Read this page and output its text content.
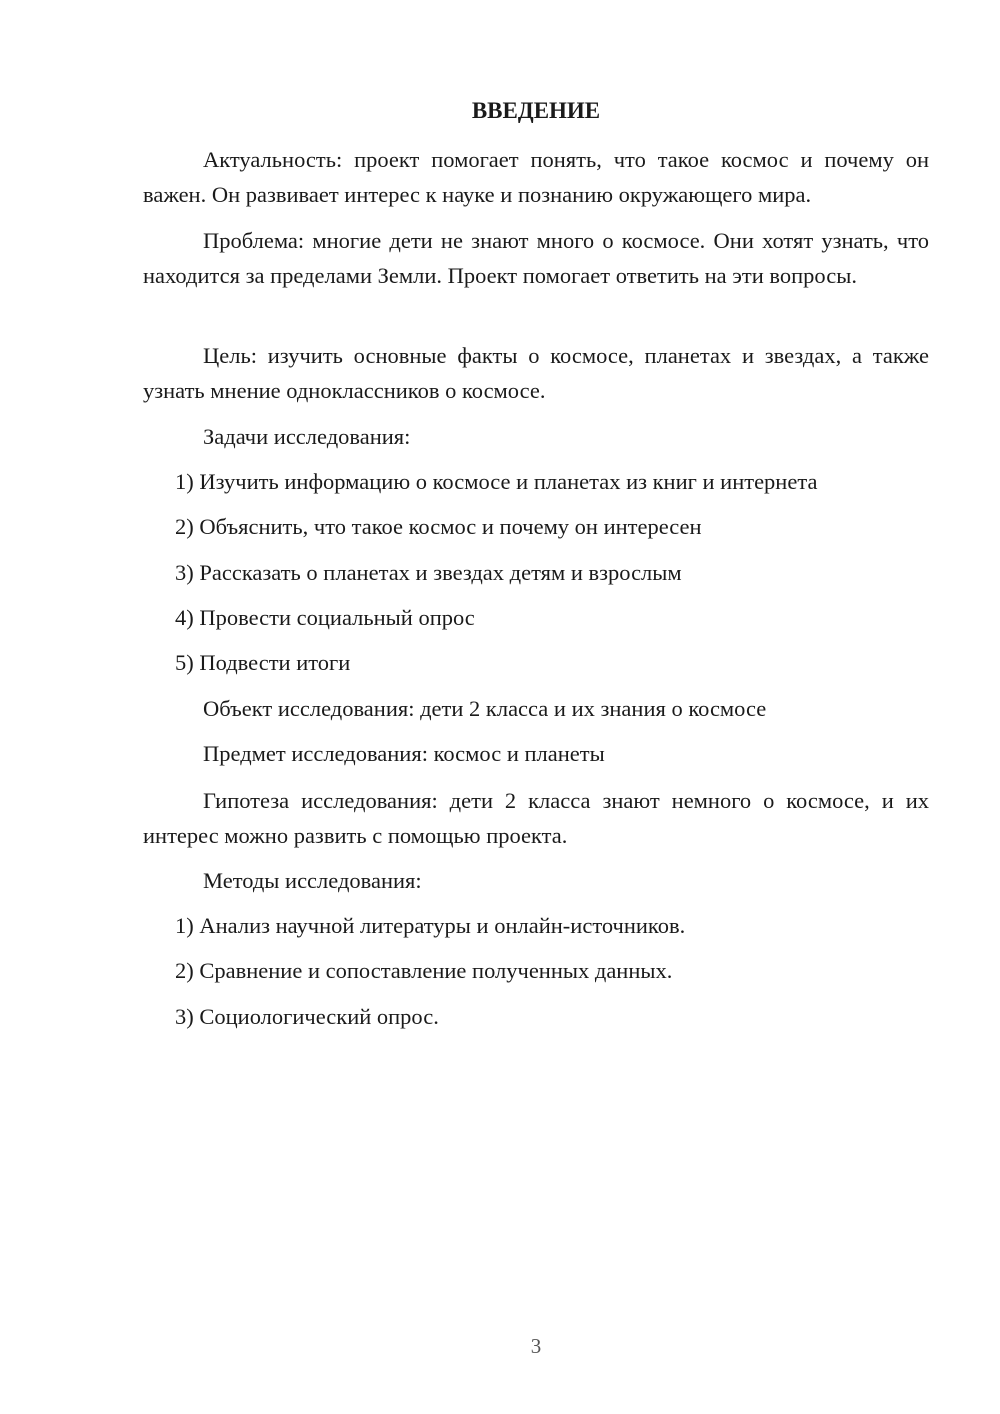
ВВЕДЕНИЕ

Актуальность: проект помогает понять, что такое космос и почему он важен. Он развивает интерес к науке и познанию окружающего мира.

Проблема: многие дети не знают много о космосе. Они хотят узнать, что находится за пределами Земли. Проект помогает ответить на эти вопросы.

Цель: изучить основные факты о космосе, планетах и звездах, а также узнать мнение одноклассников о космосе.

Задачи исследования:
1) Изучить информацию о космосе и планетах из книг и интернета
2) Объяснить, что такое космос и почему он интересен
3) Рассказать о планетах и звездах детям и взрослым
4) Провести социальный опрос
5) Подвести итоги
Объект исследования: дети 2 класса и их знания о космосе
Предмет исследования: космос и планеты

Гипотеза исследования: дети 2 класса знают немного о космосе, и их интерес можно развить с помощью проекта.

Методы исследования:
1) Анализ научной литературы и онлайн-источников.
2) Сравнение и сопоставление полученных данных.
3) Социологический опрос.
3
